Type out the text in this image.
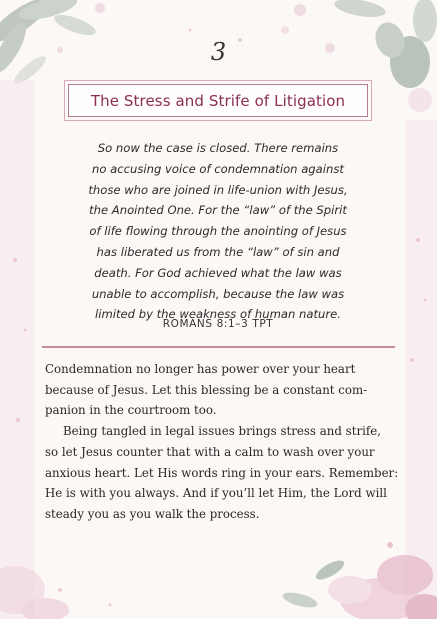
3
The Stress and Strife of Litigation
So now the case is closed. There remains
no accusing voice of condemnation against
those who are joined in life-union with Jesus,
the Anointed One. For the “law” of the Spirit
of life flowing through the anointing of Jesus
has liberated us from the “law” of sin and
death. For God achieved what the law was
unable to accomplish, because the law was
limited by the weakness of human nature.
ROMANS 8:1–3 TPT
Condemnation no longer has power over your heart
because of Jesus. Let this blessing be a constant com-
panion in the courtroom too.
Being tangled in legal issues brings stress and strife,
so let Jesus counter that with a calm to wash over your
anxious heart. Let His words ring in your ears. Remember:
He is with you always. And if you’ll let Him, the Lord will
steady you as you walk the process.
